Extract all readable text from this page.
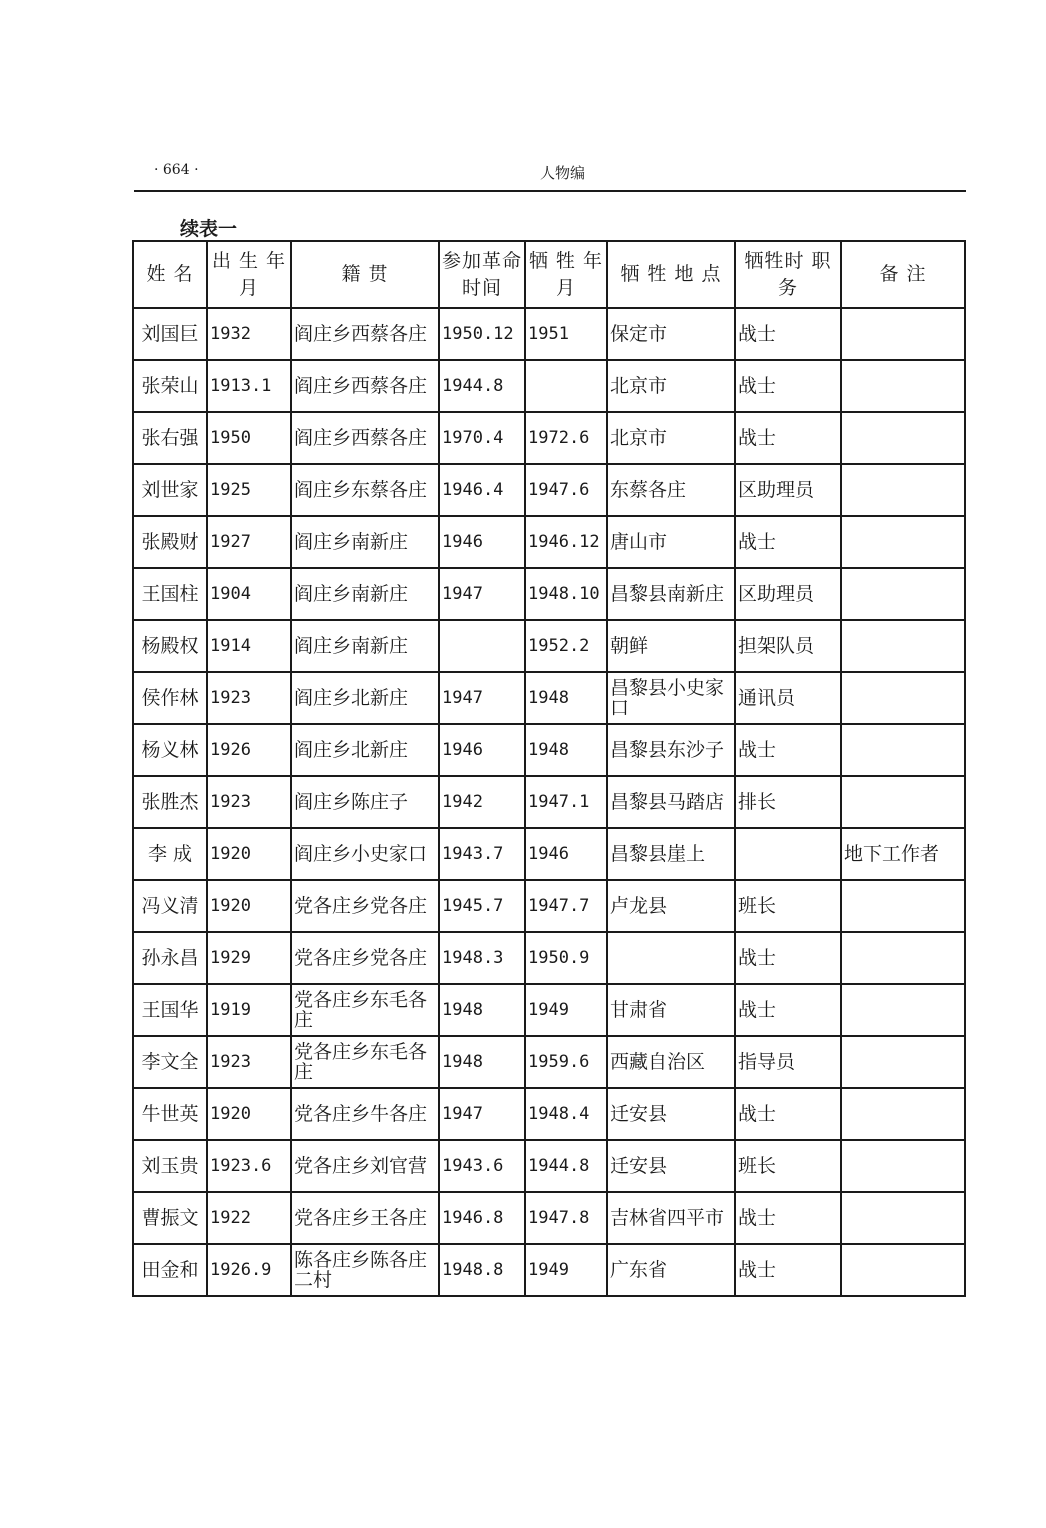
· 664 ·	人物编
续表一
姓 名	出 生 年 月	籍 贯	参加革命时间	牺 牲 年 月	牺 牲 地 点	牺牲时 职 务	备 注
刘国巨	1932	阎庄乡西蔡各庄	1950.12	1951	保定市	战士	
张荣山	1913.1	阎庄乡西蔡各庄	1944.8		北京市	战士	
张右强	1950	阎庄乡西蔡各庄	1970.4	1972.6	北京市	战士	
刘世家	1925	阎庄乡东蔡各庄	1946.4	1947.6	东蔡各庄	区助理员	
张殿财	1927	阎庄乡南新庄	1946	1946.12	唐山市	战士	
王国柱	1904	阎庄乡南新庄	1947	1948.10	昌黎县南新庄	区助理员	
杨殿权	1914	阎庄乡南新庄		1952.2	朝鲜	担架队员	
侯作林	1923	阎庄乡北新庄	1947	1948	昌黎县小史家口	通讯员	
杨义林	1926	阎庄乡北新庄	1946	1948	昌黎县东沙子	战士	
张胜杰	1923	阎庄乡陈庄子	1942	1947.1	昌黎县马踏店	排长	
李 成	1920	阎庄乡小史家口	1943.7	1946	昌黎县崖上		地下工作者
冯义清	1920	党各庄乡党各庄	1945.7	1947.7	卢龙县	班长	
孙永昌	1929	党各庄乡党各庄	1948.3	1950.9		战士	
王国华	1919	党各庄乡东毛各庄	1948	1949	甘肃省	战士	
李文全	1923	党各庄乡东毛各庄	1948	1959.6	西藏自治区	指导员	
牛世英	1920	党各庄乡牛各庄	1947	1948.4	迁安县	战士	
刘玉贵	1923.6	党各庄乡刘官营	1943.6	1944.8	迁安县	班长	
曹振文	1922	党各庄乡王各庄	1946.8	1947.8	吉林省四平市	战士	
田金和	1926.9	陈各庄乡陈各庄二村	1948.8	1949	广东省	战士	
